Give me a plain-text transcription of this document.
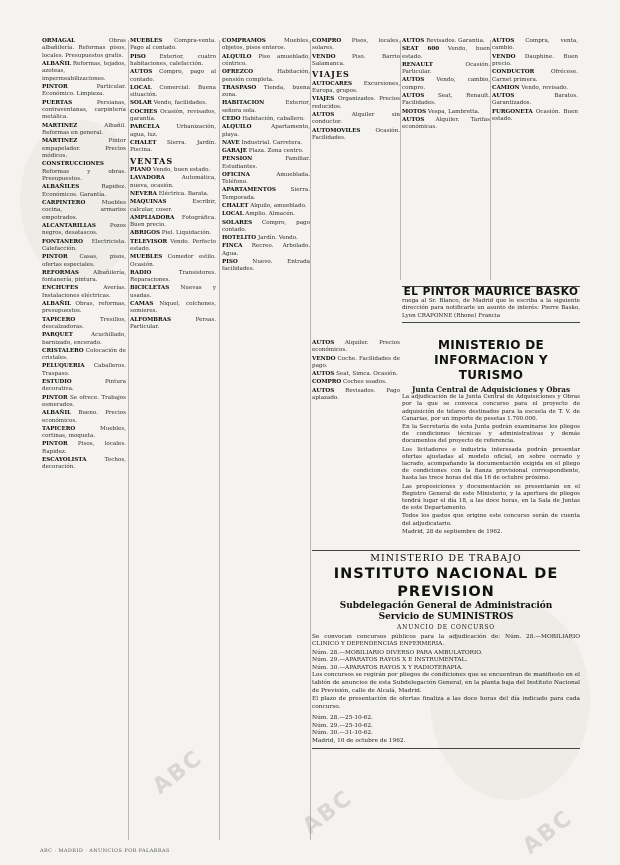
ORMAGAL Obras albañilería. Reformas pisos, locales. Presupuestos gratis.

ALBAÑIL Reformas, tejados, azoteas, impermeabilizaciones.

PINTOR Particular. Económico. Limpieza.

PUERTAS Persianas, contraventanas, carpintería metálica.

MARTINEZ Albañil. Reformas en general.

MARTINEZ Pintor empapelador. Precios módicos.

CONSTRUCCIONES Reformas y obras. Presupuestos.

ALBAÑILES Rapidez. Económicos. Garantía.

CARPINTERO Muebles cocina, armarios empotrados.

ALCANTARILLAS Pozos negros, desatascos.

FONTANERO Electricista. Calefacción.

PINTOR Casas, pisos, ofertas especiales.

REFORMAS Albañilería, fontanería, pintura.

ENCHUFES Averías. Instalaciones eléctricas.

ALBAÑIL Obras, reformas, presupuestos.

TAPICERO Tresillos, descalzadoras.

PARQUET Acuchillado, barnizado, encerado.

CRISTALERO Colocación de cristales.

PELUQUERIA Caballeros. Traspaso.

ESTUDIO Pintura decorativa.

PINTOR Se ofrece. Trabajos esmerados.

ALBAÑIL Bueno. Precios económicos.

TAPICERO Muebles, cortinas, moqueta.

PINTOR Pisos, locales. Rapidez.

ESCAYOLISTA Techos, decoración.

MUEBLES Compra-venta. Pago al contado.

PISO Exterior, cuatro habitaciones, calefacción.

AUTOS Compro, pago al contado.

LOCAL Comercial. Buena situación.

SOLAR Vendo, facilidades.

COCHES Ocasión, revisados, garantía.

PARCELA Urbanización, agua, luz.

CHALET Sierra. Jardín. Piscina.

VENTAS

PIANO Vendo, buen estado.

LAVADORA Automática, nueva, ocasión.

NEVERA Eléctrica. Barata.

MAQUINAS Escribir, calcular, coser.

AMPLIADORA Fotográfica. Buen precio.

ABRIGOS Piel. Liquidación.

TELEVISOR Vendo. Perfecto estado.

MUEBLES Comedor estilo. Ocasión.

RADIO Transistores. Reparaciones.

BICICLETAS Nuevas y usadas.

CAMAS Niquel, colchones, somieres.

ALFOMBRAS Persas. Particular.

COMPRAMOS Muebles, objetos, pisos enteros.

ALQUILO Piso amueblado, céntrico.

OFREZCO Habitación, pensión completa.

TRASPASO Tienda, buena zona.

HABITACION Exterior, señora sola.

CEDO Habitación, caballero.

ALQUILO Apartamento, playa.

NAVE Industrial. Carretera.

GARAJE Plaza. Zona centro.

PENSION Familiar. Estudiantes.

OFICINA Amueblada. Teléfono.

APARTAMENTOS Sierra. Temporada.

CHALET Alquilo, amueblado.

LOCAL Amplio. Almacén.

SOLARES Compro, pago contado.

HOTELITO Jardín. Vendo.

FINCA Recreo. Arbolado. Agua.

PISO Nuevo. Entrada facilidades.

COMPRO Pisos, locales, solares.

VENDO Piso. Barrio Salamanca.

VIAJES

AUTOCARES Excursiones, Europa, grupos.

VIAJES Organizados. Precios reducidos.

AUTOS Alquiler sin conductor.

AUTOMOVILES Ocasión. Facilidades.

AUTOS Revisados. Garantía.

SEAT 600 Vendo, buen estado.

RENAULT Ocasión. Particular.

AUTOS Vendo, cambio, compro.

AUTOS Seat, Renault. Facilidades.

MOTOS Vespa, Lambretta.

AUTOS Alquiler. Tarifas económicas.

AUTOS Compra, venta, cambio.

VENDO Dauphine. Buen precio.

CONDUCTOR Ofrécese. Carnet primera.

CAMION Vendo, revisado.

AUTOS Baratos. Garantizados.

FURGONETA Ocasión. Buen estado.

AUTOS Alquiler. Precios económicos.

VENDO Coche. Facilidades de pago.

AUTOS Seat, Simca. Ocasión.

COMPRO Coches usados.

AUTOS Revisados. Pago aplazado.

EL PINTOR MAURICE BASKO

ruega al Sr. Blanco, de Madrid que le escriba a la siguiente dirección para notificarle un asunto de interés: Pierre Basko, Lyon CRAPONNE (Rhone) Francia

MINISTERIO DE INFORMACION Y TURISMO
Junta Central de Adquisiciones y Obras

La adjudicación de la Junta Central de Adquisiciones y Obras por la que se convoca concurso para el proyecto de adquisición de telares destinados para la escuela de T. V. de Canarias, por un importe de pesetas 1.700.000.

En la Secretaría de esta Junta podrán examinarse los pliegos de condiciones técnicas y administrativas y demás documentos del proyecto de referencia.

Los licitadores o industria interesada podrán presentar ofertas ajustadas al modelo oficial, en sobre cerrado y lacrado, acompañando la documentación exigida en el pliego de condiciones con la fianza provisional correspondiente, hasta las trece horas del día 16 de octubre próximo.

Las proposiciones y documentación se presentarán en el Registro General de este Ministerio, y la apertura de pliegos tendrá lugar el día 18, a las doce horas, en la Sala de Juntas de este Departamento.

Todos los gastos que origine este concurso serán de cuenta del adjudicatario.

Madrid, 28 de septiembre de 1962.

MINISTERIO DE TRABAJO
INSTITUTO NACIONAL DE PREVISION
Subdelegación General de Administración
Servicio de SUMINISTROS
ANUNCIO DE CONCURSO

Se convocan concursos públicos para la adjudicación de: Núm. 28.—MOBILIARIO CLINICO Y DEPENDENCIAS ENFERMERIA.

Núm. 28.—MOBILIARIO DIVERSO PARA AMBULATORIO.

Núm. 29.—APARATOS RAYOS X E INSTRUMENTAL.

Núm. 30.—APARATOS RAYOS X Y RADIOTERAPIA.

Los concursos se regirán por pliegos de condiciones que se encuentran de manifiesto en el tablón de anuncios de esta Subdelegación General, en la planta baja del Instituto Nacional de Previsión, calle de Alcalá, Madrid.

El plazo de presentación de ofertas finaliza a las doce horas del día indicado para cada concurso.

Núm. 28.—25-10-62.

Núm. 29.—25-10-62.

Núm. 30.—31-10-62.

Madrid, 10 de octubre de 1962.

ABC
ABC	ABC
ABC · MADRID · ANUNCIOS POR PALABRAS
